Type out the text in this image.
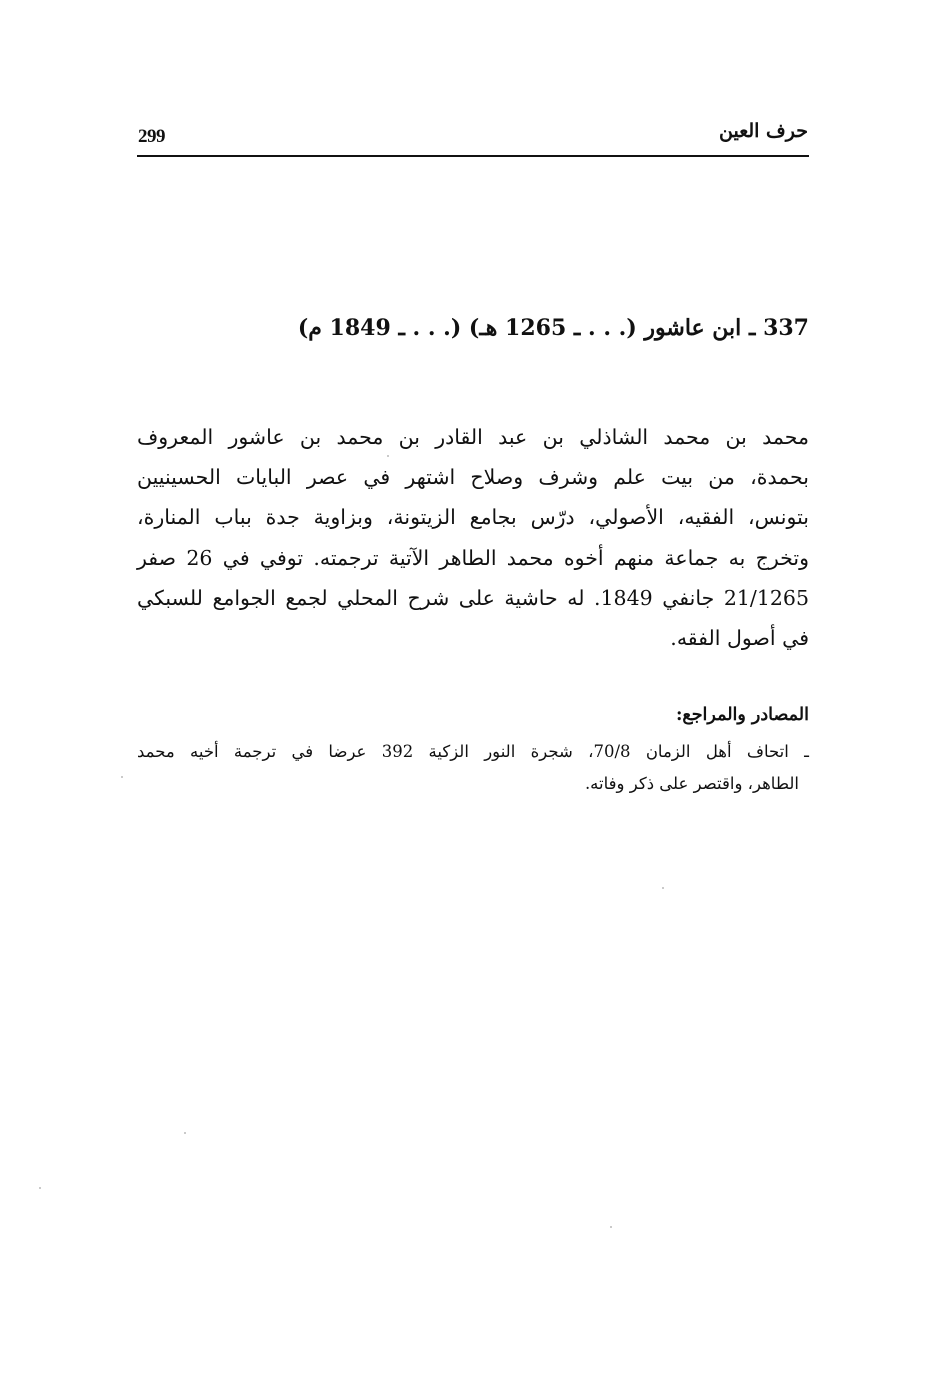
299	حرف العين
337 ـ ابن عاشور (. . . ـ 1265 هـ) (. . . ـ 1849 م)
محمد بن محمد الشاذلي بن عبد القادر بن محمد بن عاشور المعروف
بحمدة، من بيت علم وشرف وصلاح اشتهر في عصر البايات الحسينيين
بتونس، الفقيه، الأصولي، درّس بجامع الزيتونة، وبزاوية جدة بباب المنارة،
وتخرج به جماعة منهم أخوه محمد الطاهر الآتية ترجمته. توفي في 26 صفر
21/1265 جانفي 1849. له حاشية على شرح المحلي لجمع الجوامع للسبكي
في أصول الفقه.
المصادر والمراجع:
ـ اتحاف أهل الزمان 70/8، شجرة النور الزكية 392 عرضا في ترجمة أخيه محمد
الطاهر، واقتصر على ذكر وفاته.
